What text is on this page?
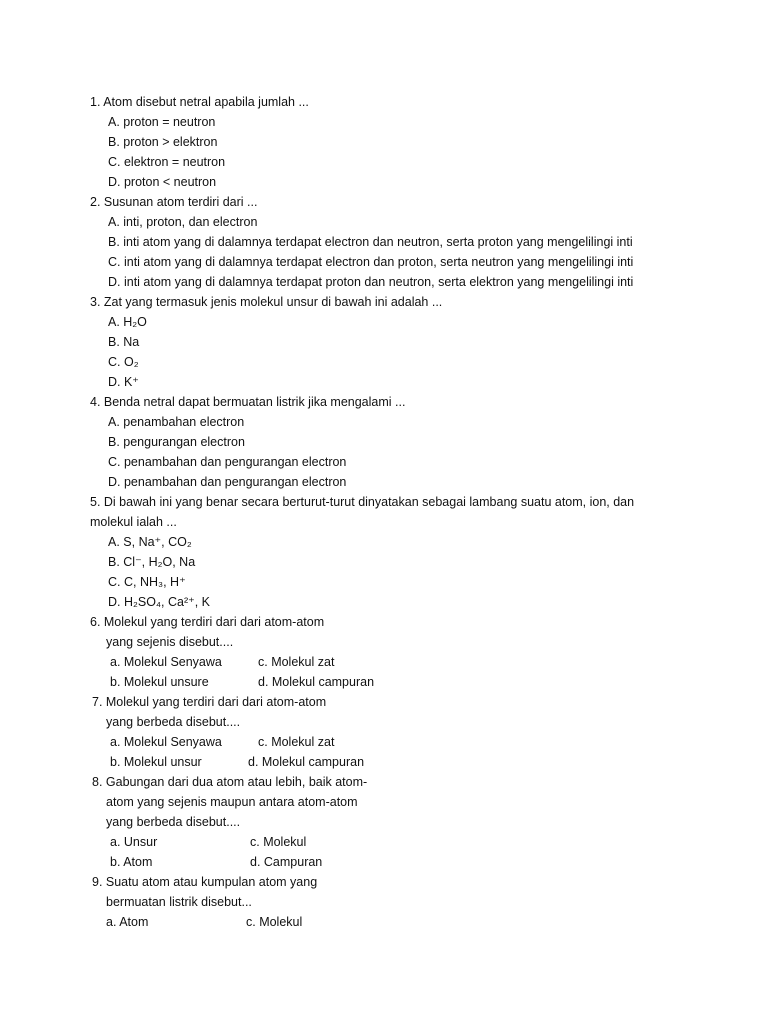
1. Atom disebut netral apabila jumlah ...
A. proton = neutron
B. proton > elektron
C. elektron = neutron
D. proton < neutron
2. Susunan atom terdiri dari ...
A. inti, proton, dan electron
B. inti atom yang di dalamnya terdapat electron dan neutron, serta proton yang mengelilingi inti
C. inti atom yang di dalamnya terdapat electron dan proton, serta neutron yang mengelilingi inti
D. inti atom yang di dalamnya terdapat proton dan neutron, serta elektron yang mengelilingi inti
3. Zat yang termasuk jenis molekul unsur di bawah ini adalah ...
A. H₂O
B. Na
C. O₂
D. K⁺
4. Benda netral dapat bermuatan listrik jika mengalami ...
A. penambahan electron
B. pengurangan electron
C. penambahan dan pengurangan electron
D. penambahan dan pengurangan electron
5. Di bawah ini yang benar secara berturut-turut dinyatakan sebagai lambang suatu atom, ion, dan
molekul ialah ...
A. S, Na⁺, CO₂
B. Cl⁻, H₂O, Na
C. C, NH₃, H⁺
D. H₂SO₄, Ca²⁺, K
6. Molekul yang terdiri dari dari atom-atom
yang sejenis disebut....
a. Molekul Senyawa	c. Molekul zat
b. Molekul unsure	d. Molekul campuran
7. Molekul yang terdiri dari dari atom-atom
yang berbeda disebut....
a. Molekul Senyawa	c. Molekul zat
b. Molekul unsur	d. Molekul campuran
8. Gabungan dari dua atom atau lebih, baik atom-
atom yang sejenis maupun antara atom-atom
yang berbeda disebut....
a. Unsur	c. Molekul
b. Atom	d. Campuran
9. Suatu atom atau kumpulan atom yang
bermuatan listrik disebut...
a. Atom	c. Molekul
